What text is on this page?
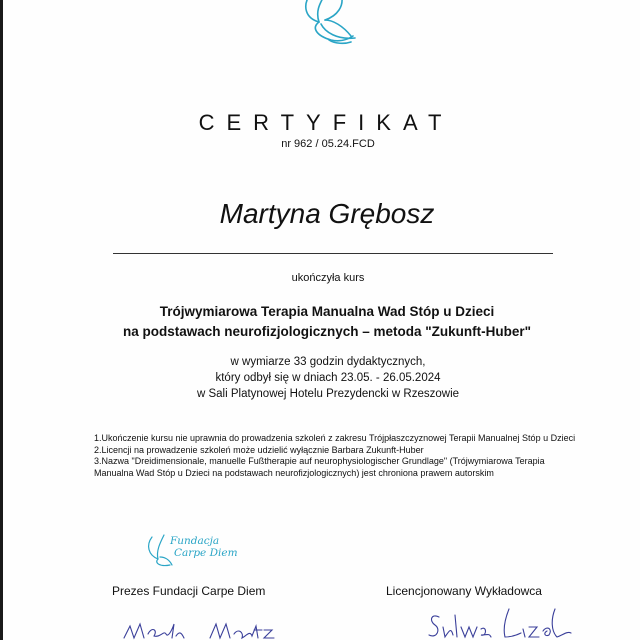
CERTYFIKAT
nr 962 / 05.24.FCD
Martyna Grębosz
ukończyła kurs
Trójwymiarowa Terapia Manualna Wad Stóp u Dzieci
na podstawach neurofizjologicznych – metoda "Zukunft-Huber"
w wymiarze 33 godzin dydaktycznych,
który odbył się w dniach 23.05. - 26.05.2024
w Sali Platynowej Hotelu Prezydencki w Rzeszowie
1.Ukończenie kursu nie uprawnia do prowadzenia szkoleń z zakresu Trójpłaszczyznowej Terapii Manualnej Stóp u Dzieci
2.Licencji na prowadzenie szkoleń może udzielić wyłącznie Barbara Zukunft-Huber
3.Nazwa "Dreidimensionale, manuelle Fußtherapie auf neurophysiologischer Grundlage" (Trójwymiarowa Terapia
Manualna Wad Stóp u Dzieci na podstawach neurofizjologicznych) jest chroniona prawem autorskim
Fundacja
Carpe Diem
Prezes Fundacji Carpe Diem	Licencjonowany Wykładowca
